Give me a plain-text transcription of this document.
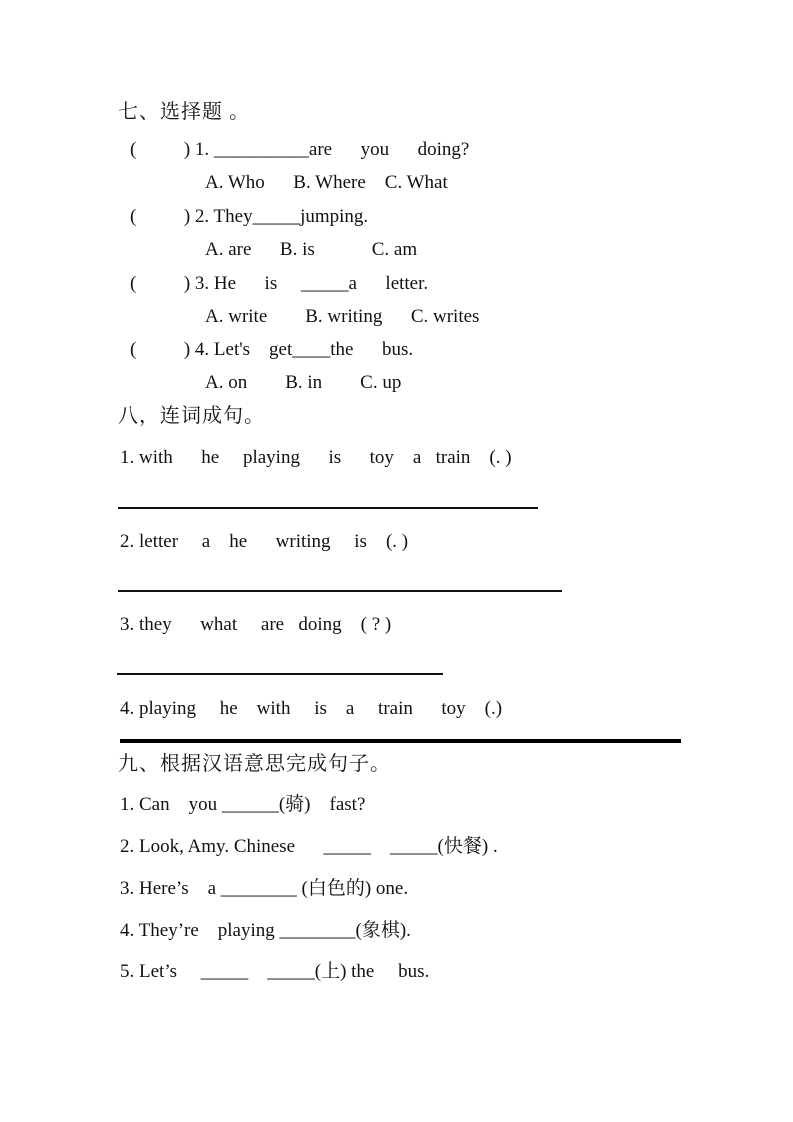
七、选择题 。
(          ) 1. __________are      you      doing?
A. Who      B. Where    C. What
(          ) 2. They_____jumping.
A. are      B. is            C. am
(          ) 3. He      is     _____a      letter.
A. write        B. writing      C. writes
(          ) 4. Let's    get____the      bus.
A. on        B. in        C. up
八，连词成句。
1. with      he     playing      is      toy    a   train    (. )
2. letter     a    he      writing     is    (. )
3. they      what     are   doing    ( ? )
4. playing     he    with     is    a     train      toy    (.)
九、根据汉语意思完成句子。
1. Can    you ______(骑)    fast?
2. Look, Amy. Chinese      _____    _____(快餐) .
3. Here’s    a ________ (白色的) one.
4. They’re    playing ________(象棋).
5. Let’s     _____    _____(上) the     bus.
